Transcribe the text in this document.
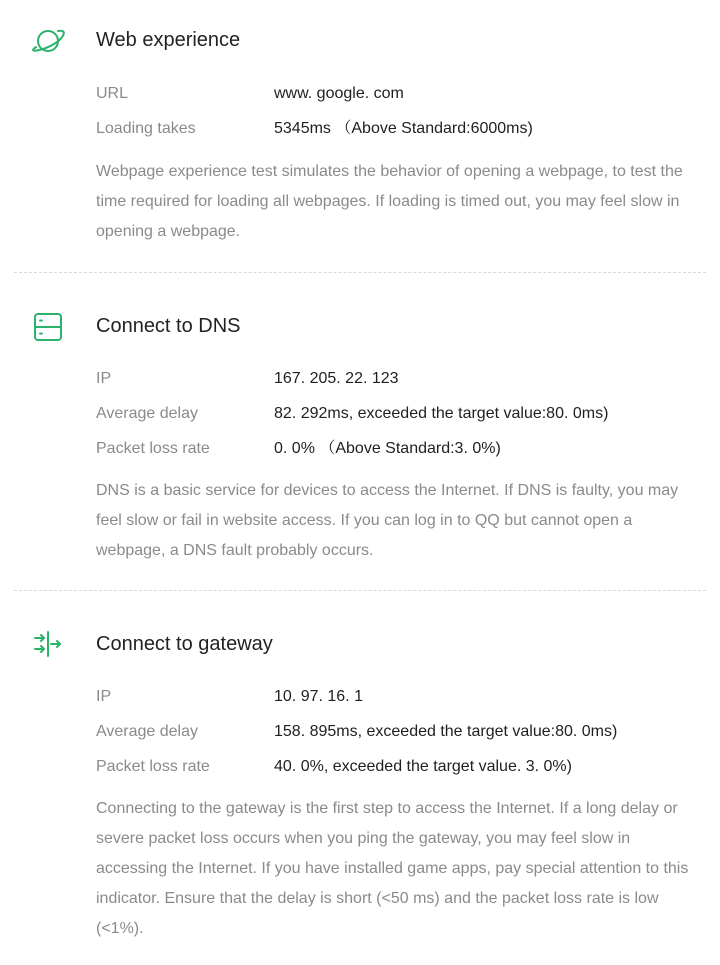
Web experience
URL	www. google. com
Loading takes	5345ms （Above Standard:6000ms)
Webpage experience test simulates the behavior of opening a webpage, to test the time required for loading all webpages. If loading is timed out, you may feel slow in opening a webpage.
Connect to DNS
IP	167. 205. 22. 123
Average delay	82. 292ms, exceeded the target value:80. 0ms)
Packet loss rate	0. 0% （Above Standard:3. 0%)
DNS is a basic service for devices to access the Internet. If DNS is faulty, you may feel slow or fail in website access. If you can log in to QQ but cannot open a webpage, a DNS fault probably occurs.
Connect to gateway
IP	10. 97. 16. 1
Average delay	158. 895ms, exceeded the target value:80. 0ms)
Packet loss rate	40. 0%, exceeded the target value. 3. 0%)
Connecting to the gateway is the first step to access the Internet. If a long delay or severe packet loss occurs when you ping the gateway, you may feel slow in accessing the Internet. If you have installed game apps, pay special attention to this indicator. Ensure that the delay is short (<50 ms) and the packet loss rate is low (<1%).
